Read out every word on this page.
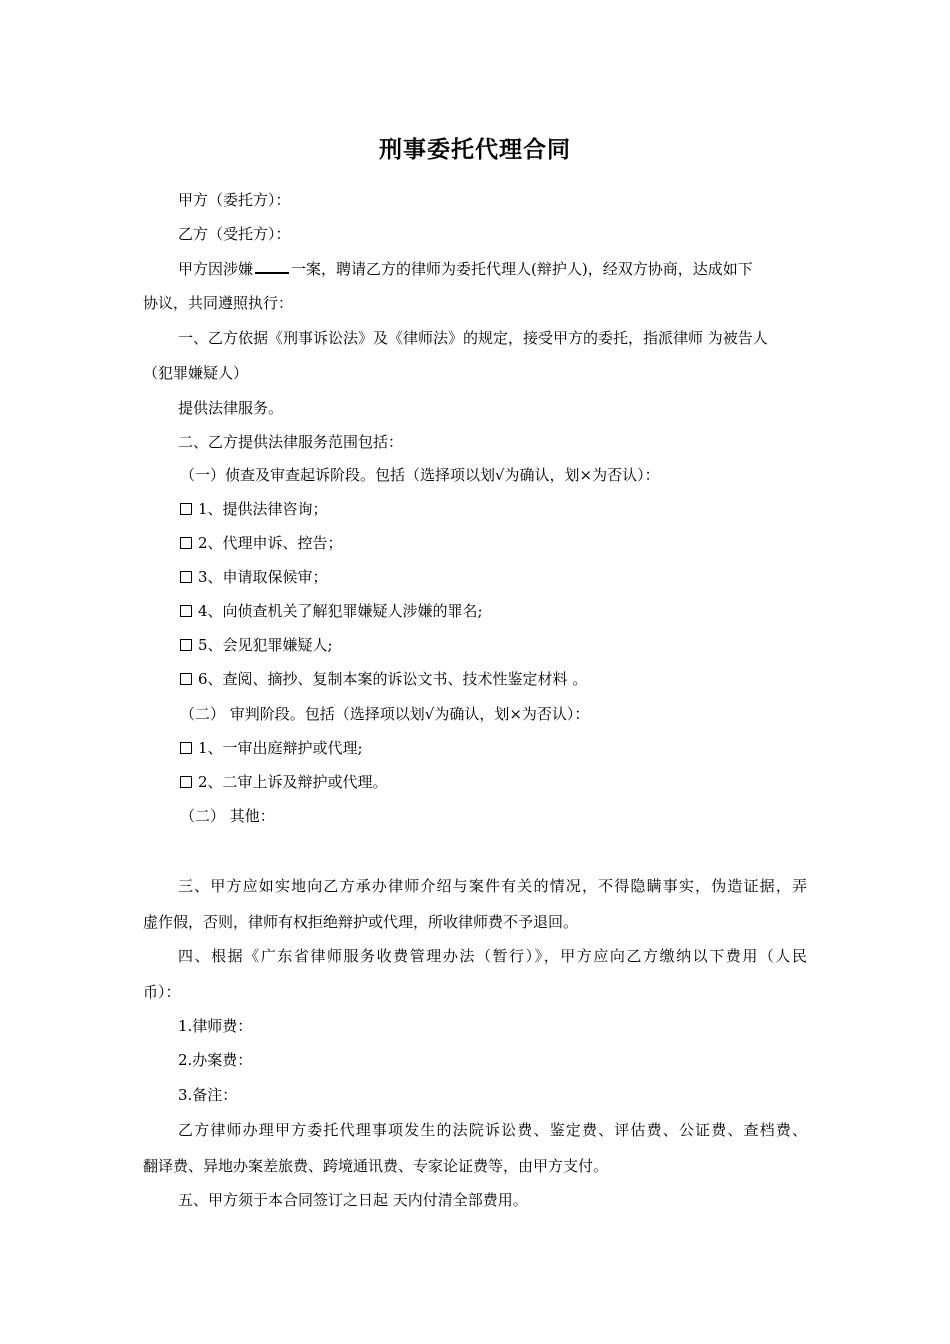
刑事委托代理合同
甲方（委托方）：
乙方（受托方）：
甲方因涉嫌	一案，聘请乙方的律师为委托代理人(辩护人)，经双方协商，达成如下
协议，共同遵照执行：
一、乙方依据《刑事诉讼法》及《律师法》的规定，接受甲方的委托，指派律师 为被告人
（犯罪嫌疑人）
提供法律服务。
二、乙方提供法律服务范围包括：
（一）侦查及审查起诉阶段。包括（选择项以划√为确认，划×为否认）：
1、提供法律咨询；
2、代理申诉、控告；
3、申请取保候审；
4、向侦查机关了解犯罪嫌疑人涉嫌的罪名;
5、会见犯罪嫌疑人;
6、查阅、摘抄、复制本案的诉讼文书、技术性鉴定材料 。
（二） 审判阶段。包括（选择项以划√为确认，划×为否认）：
1、一审出庭辩护或代理;
2、二审上诉及辩护或代理。
（二） 其他：
三、甲方应如实地向乙方承办律师介绍与案件有关的情况，不得隐瞒事实，伪造证据，弄
虚作假，否则，律师有权拒绝辩护或代理，所收律师费不予退回。
四、根据《广东省律师服务收费管理办法（暂行）》，甲方应向乙方缴纳以下费用（人民
币）：
1.律师费：
2.办案费：
3.备注：
乙方律师办理甲方委托代理事项发生的法院诉讼费、鉴定费、评估费、公证费、查档费、
翻译费、异地办案差旅费、跨境通讯费、专家论证费等，由甲方支付。
五、甲方须于本合同签订之日起 天内付清全部费用。
